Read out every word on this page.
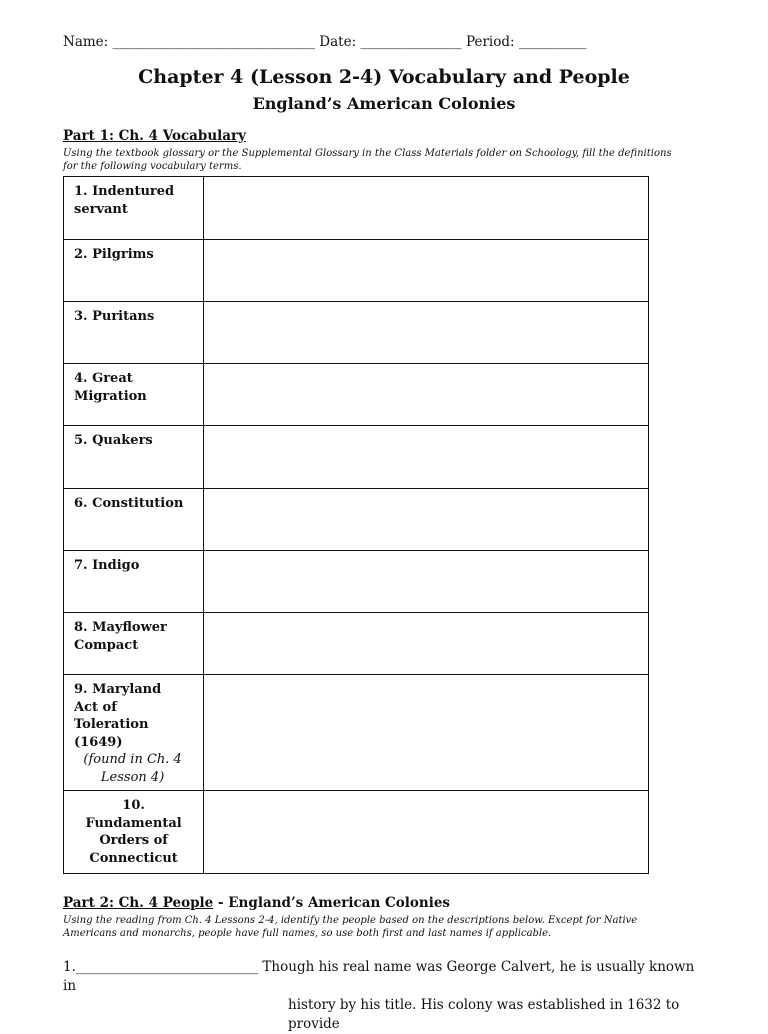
Name: ______________________________ Date: _______________ Period: __________
Chapter 4 (Lesson 2-4) Vocabulary and People
England’s American Colonies
Part 1: Ch. 4 Vocabulary
Using the textbook glossary or the Supplemental Glossary in the Class Materials folder on Schoology, fill the definitions for the following vocabulary terms.
1. Indentured
servant	

2. Pilgrims	

3. Puritans	

4. Great
Migration	

5. Quakers	

6. Constitution	

7. Indigo	

8. Mayflower
Compact	

9. Maryland
Act of
Toleration
(1649)
(found in Ch. 4 Lesson 4)	

10.
Fundamental
Orders of
Connecticut	

Part 2: Ch. 4 People - England’s American Colonies
Using the reading from Ch. 4 Lessons 2-4, identify the people based on the descriptions below. Except for Native Americans and monarchs, people have full names, so use both first and last names if applicable.
1.___________________________ Though his real name was George Calvert, he is usually known in
history by his title. His colony was established in 1632 to provide
